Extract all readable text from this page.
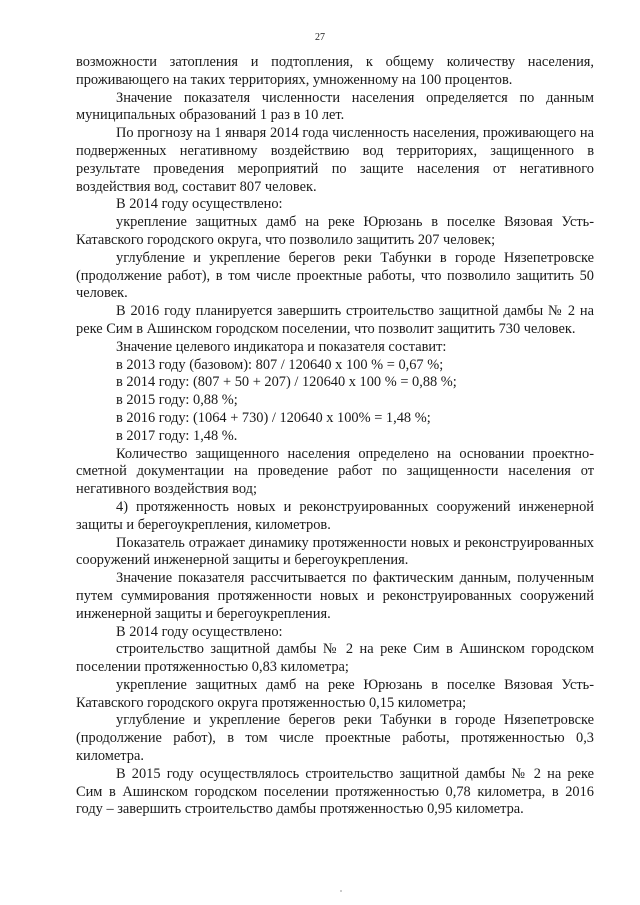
27

возможности затопления и подтопления, к общему количеству населения, проживающего на таких территориях, умноженному на 100 процентов.

Значение показателя численности населения определяется по данным муниципальных образований 1 раз в 10 лет.

По прогнозу на 1 января 2014 года численность населения, проживающего на подверженных негативному воздействию вод территориях, защищенного в результате проведения мероприятий по защите населения от негативного воздействия вод, составит 807 человек.

В 2014 году осуществлено:

укрепление защитных дамб на реке Юрюзань в поселке Вязовая Усть-Катавского городского округа, что позволило защитить 207 человек;

углубление и укрепление берегов реки Табунки в городе Нязепетровске (продолжение работ), в том числе проектные работы, что позволило защитить 50 человек.

В 2016 году планируется завершить строительство защитной дамбы № 2 на реке Сим в Ашинском городском поселении, что позволит защитить 730 человек.

Значение целевого индикатора и показателя составит:

в 2013 году (базовом): 807 / 120640 x 100 % = 0,67 %;

в 2014 году: (807 + 50 + 207) / 120640 x 100 % = 0,88 %;

в 2015 году: 0,88 %;

в 2016 году: (1064 + 730) / 120640 x 100% = 1,48 %;

в 2017 году: 1,48 %.

Количество защищенного населения определено на основании проектно-сметной документации на проведение работ по защищенности населения от негативного воздействия вод;

4) протяженность новых и реконструированных сооружений инженерной защиты и берегоукрепления, километров.

Показатель отражает динамику протяженности новых и реконструированных сооружений инженерной защиты и берегоукрепления.

Значение показателя рассчитывается по фактическим данным, полученным путем суммирования протяженности новых и реконструированных сооружений инженерной защиты и берегоукрепления.

В 2014 году осуществлено:

строительство защитной дамбы № 2 на реке Сим в Ашинском городском поселении протяженностью 0,83 километра;

укрепление защитных дамб на реке Юрюзань в поселке Вязовая Усть-Катавского городского округа протяженностью 0,15 километра;

углубление и укрепление берегов реки Табунки в городе Нязепетровске (продолжение работ), в том числе проектные работы, протяженностью 0,3 километра.

В 2015 году осуществлялось строительство защитной дамбы № 2 на реке Сим в Ашинском городском поселении протяженностью 0,78 километра, в 2016 году – завершить строительство дамбы протяженностью 0,95 километра.
